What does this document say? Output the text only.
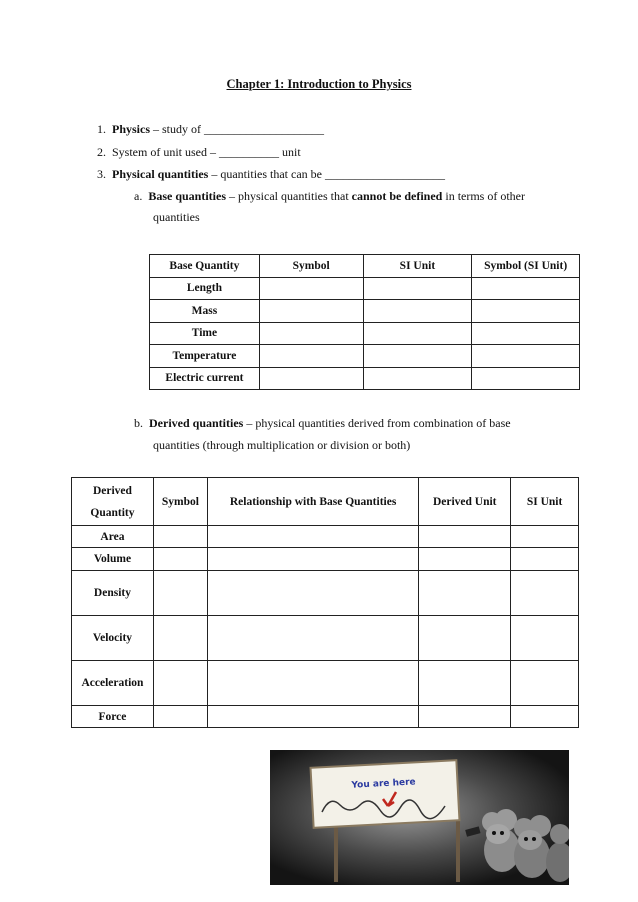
Chapter 1: Introduction to Physics
1. Physics – study of ____________________
2. System of unit used – __________ unit
3. Physical quantities – quantities that can be ____________________
a. Base quantities – physical quantities that cannot be defined in terms of other
quantities
Base Quantity	Symbol	SI Unit	Symbol (SI Unit)
Length			
Mass			
Time			
Temperature			
Electric current			
b. Derived quantities – physical quantities derived from combination of base
quantities (through multiplication or division or both)
Derived Quantity	Symbol	Relationship with Base Quantities	Derived Unit	SI Unit
Area				
Volume				
Density				
Velocity				
Acceleration				
Force				
You are here
